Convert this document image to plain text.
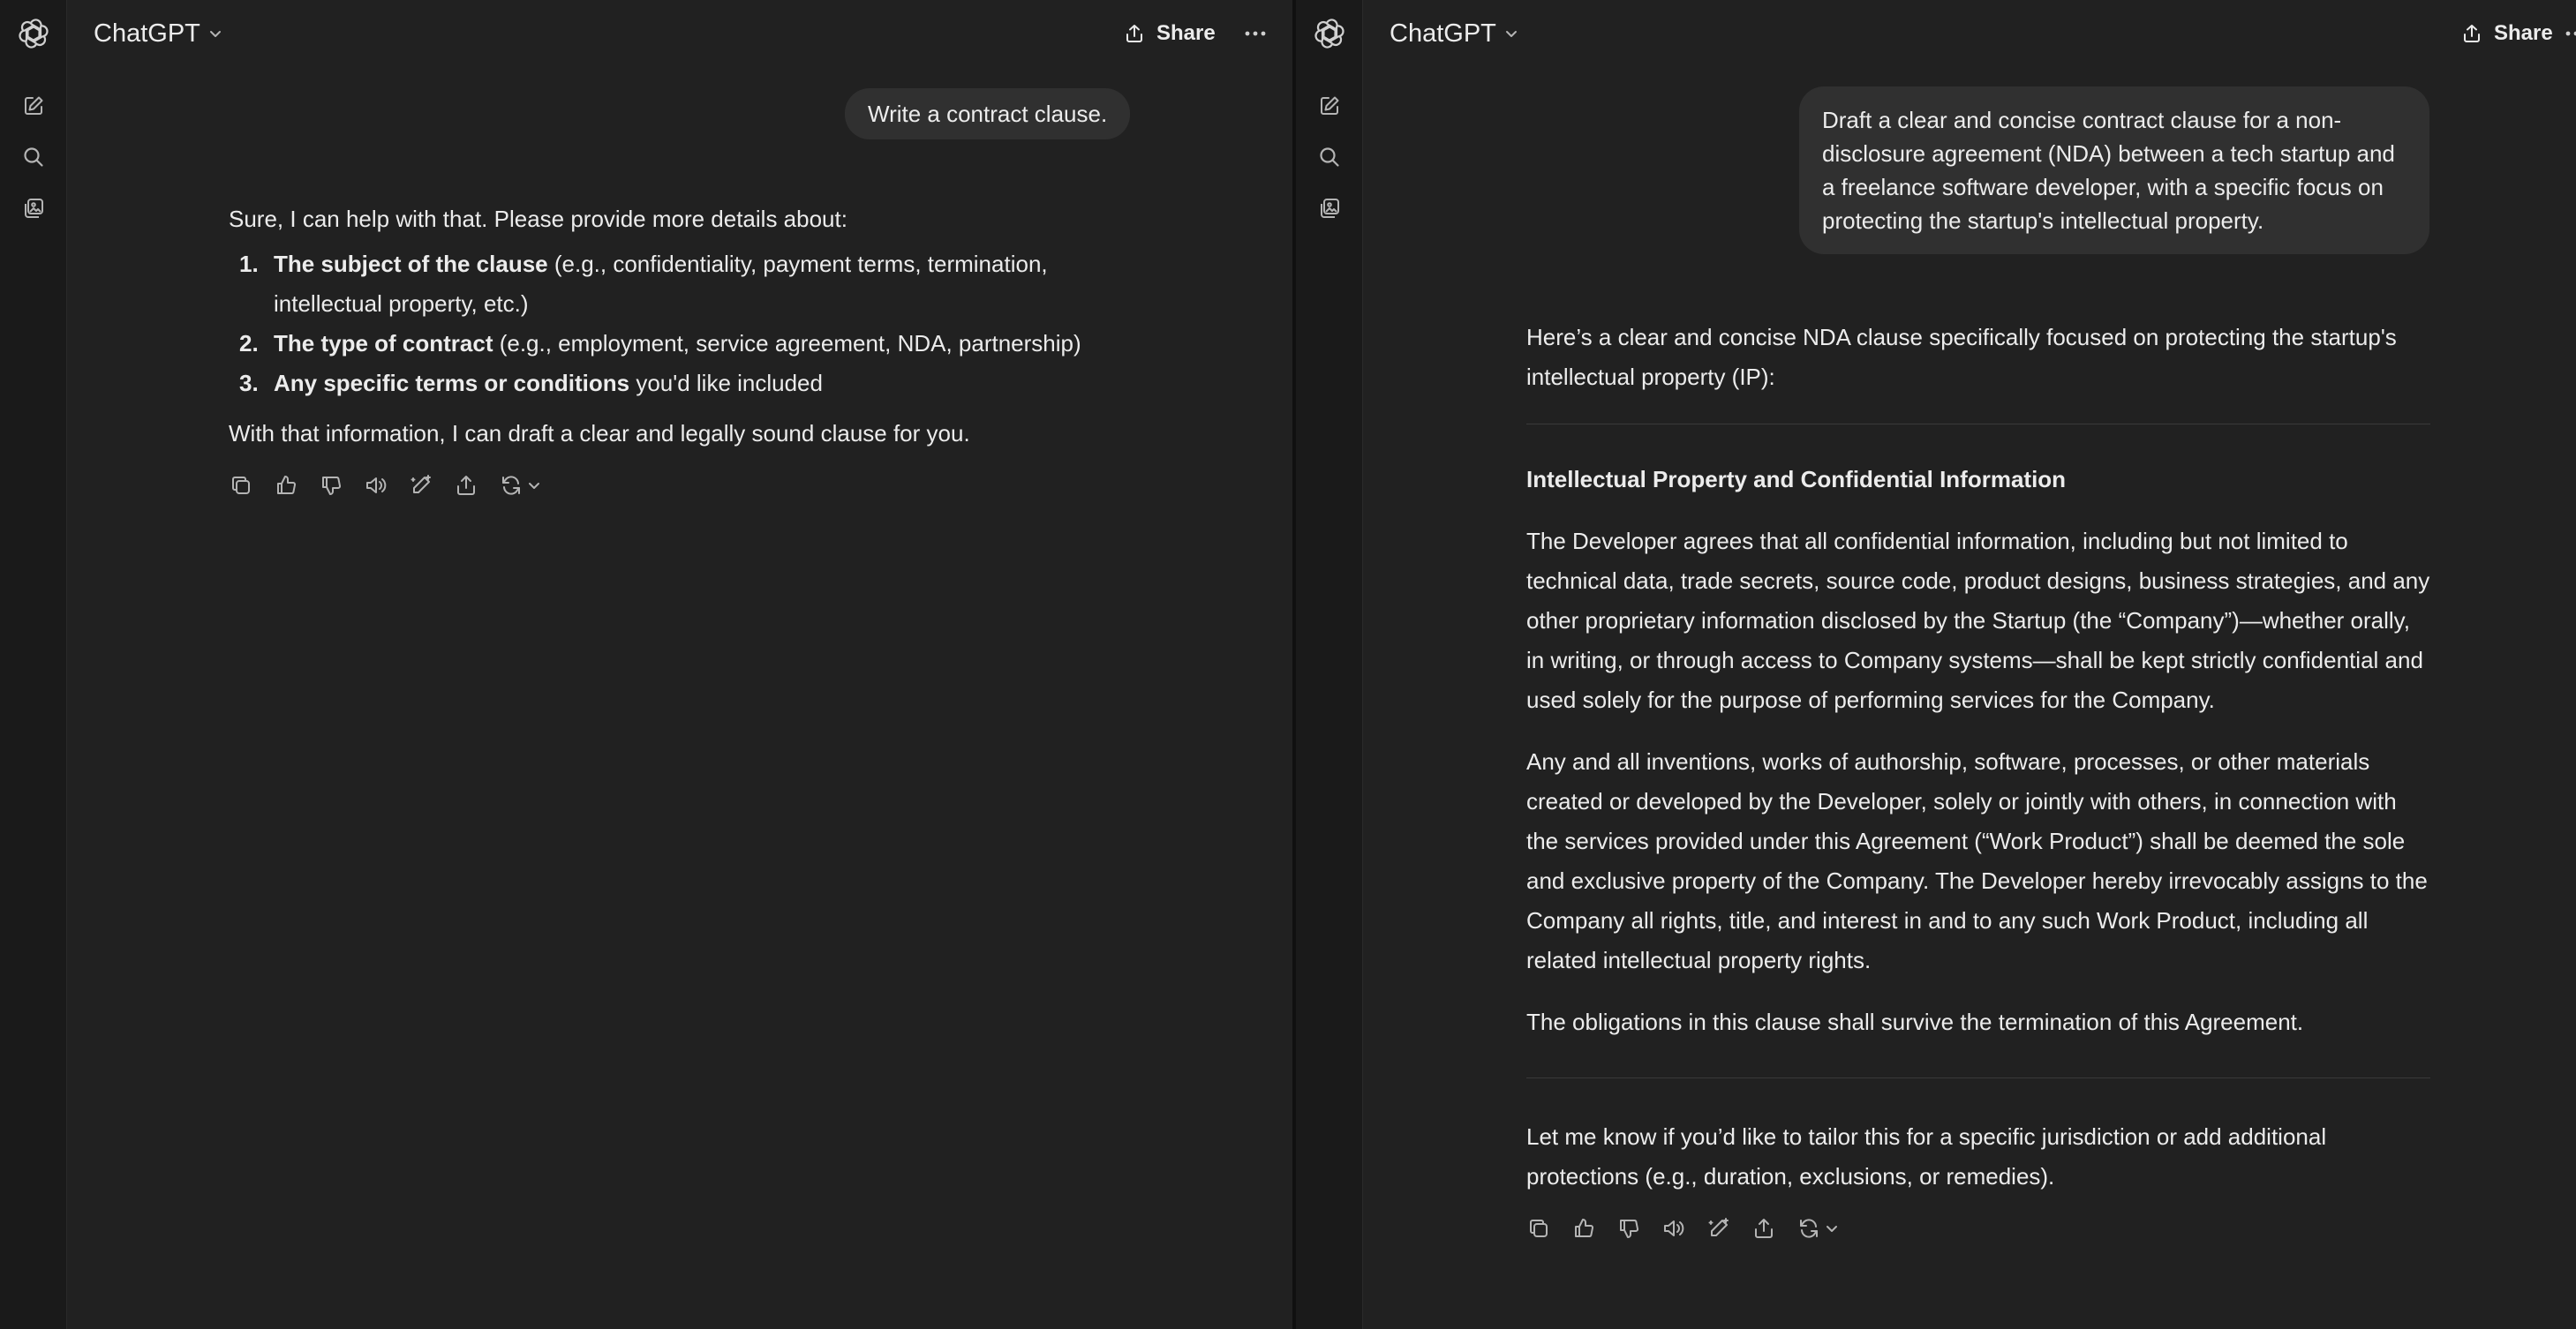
ChatGPT	Share
Write a contract clause.

Sure, I can help with that. Please provide more details about:

1. The subject of the clause (e.g., confidentiality, payment terms, termination, intellectual property, etc.)
2. The type of contract (e.g., employment, service agreement, NDA, partnership)
3. Any specific terms or conditions you'd like included

With that information, I can draft a clear and legally sound clause for you.

ChatGPT	Share
Draft a clear and concise contract clause for a non-disclosure agreement (NDA) between a tech startup and a freelance software developer, with a specific focus on protecting the startup's intellectual property.

Here’s a clear and concise NDA clause specifically focused on protecting the startup's intellectual property (IP):

Intellectual Property and Confidential Information

The Developer agrees that all confidential information, including but not limited to technical data, trade secrets, source code, product designs, business strategies, and any other proprietary information disclosed by the Startup (the “Company”)—whether orally, in writing, or through access to Company systems—shall be kept strictly confidential and used solely for the purpose of performing services for the Company.

Any and all inventions, works of authorship, software, processes, or other materials created or developed by the Developer, solely or jointly with others, in connection with the services provided under this Agreement (“Work Product”) shall be deemed the sole and exclusive property of the Company. The Developer hereby irrevocably assigns to the Company all rights, title, and interest in and to any such Work Product, including all related intellectual property rights.

The obligations in this clause shall survive the termination of this Agreement.

Let me know if you’d like to tailor this for a specific jurisdiction or add additional protections (e.g., duration, exclusions, or remedies).
